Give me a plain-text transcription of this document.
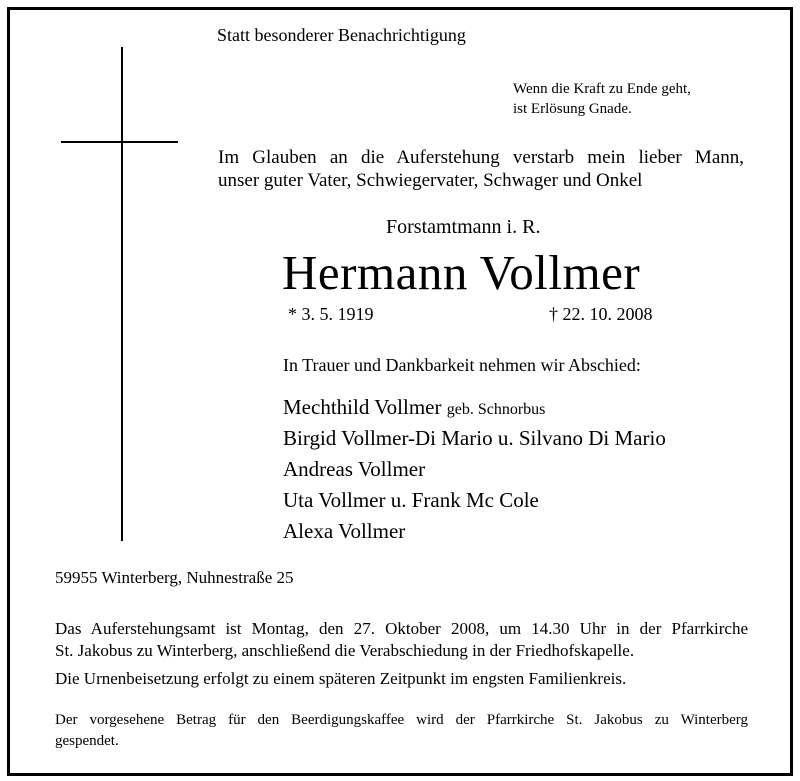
Statt besonderer Benachrichtigung
Wenn die Kraft zu Ende geht,
ist Erlösung Gnade.
Im Glauben an die Auferstehung verstarb mein lieber Mann,
unser guter Vater, Schwiegervater, Schwager und Onkel
Forstamtmann i. R.
Hermann Vollmer
* 3. 5. 1919	† 22. 10. 2008
In Trauer und Dankbarkeit nehmen wir Abschied:
Mechthild Vollmer geb. Schnorbus
Birgid Vollmer-Di Mario u. Silvano Di Mario
Andreas Vollmer
Uta Vollmer u. Frank Mc Cole
Alexa Vollmer
59955 Winterberg, Nuhnestraße 25
Das Auferstehungsamt ist Montag, den 27. Oktober 2008, um 14.30 Uhr in der Pfarrkirche
St. Jakobus zu Winterberg, anschließend die Verabschiedung in der Friedhofskapelle.
Die Urnenbeisetzung erfolgt zu einem späteren Zeitpunkt im engsten Familienkreis.
Der vorgesehene Betrag für den Beerdigungskaffee wird der Pfarrkirche St. Jakobus zu Winterberg
gespendet.
